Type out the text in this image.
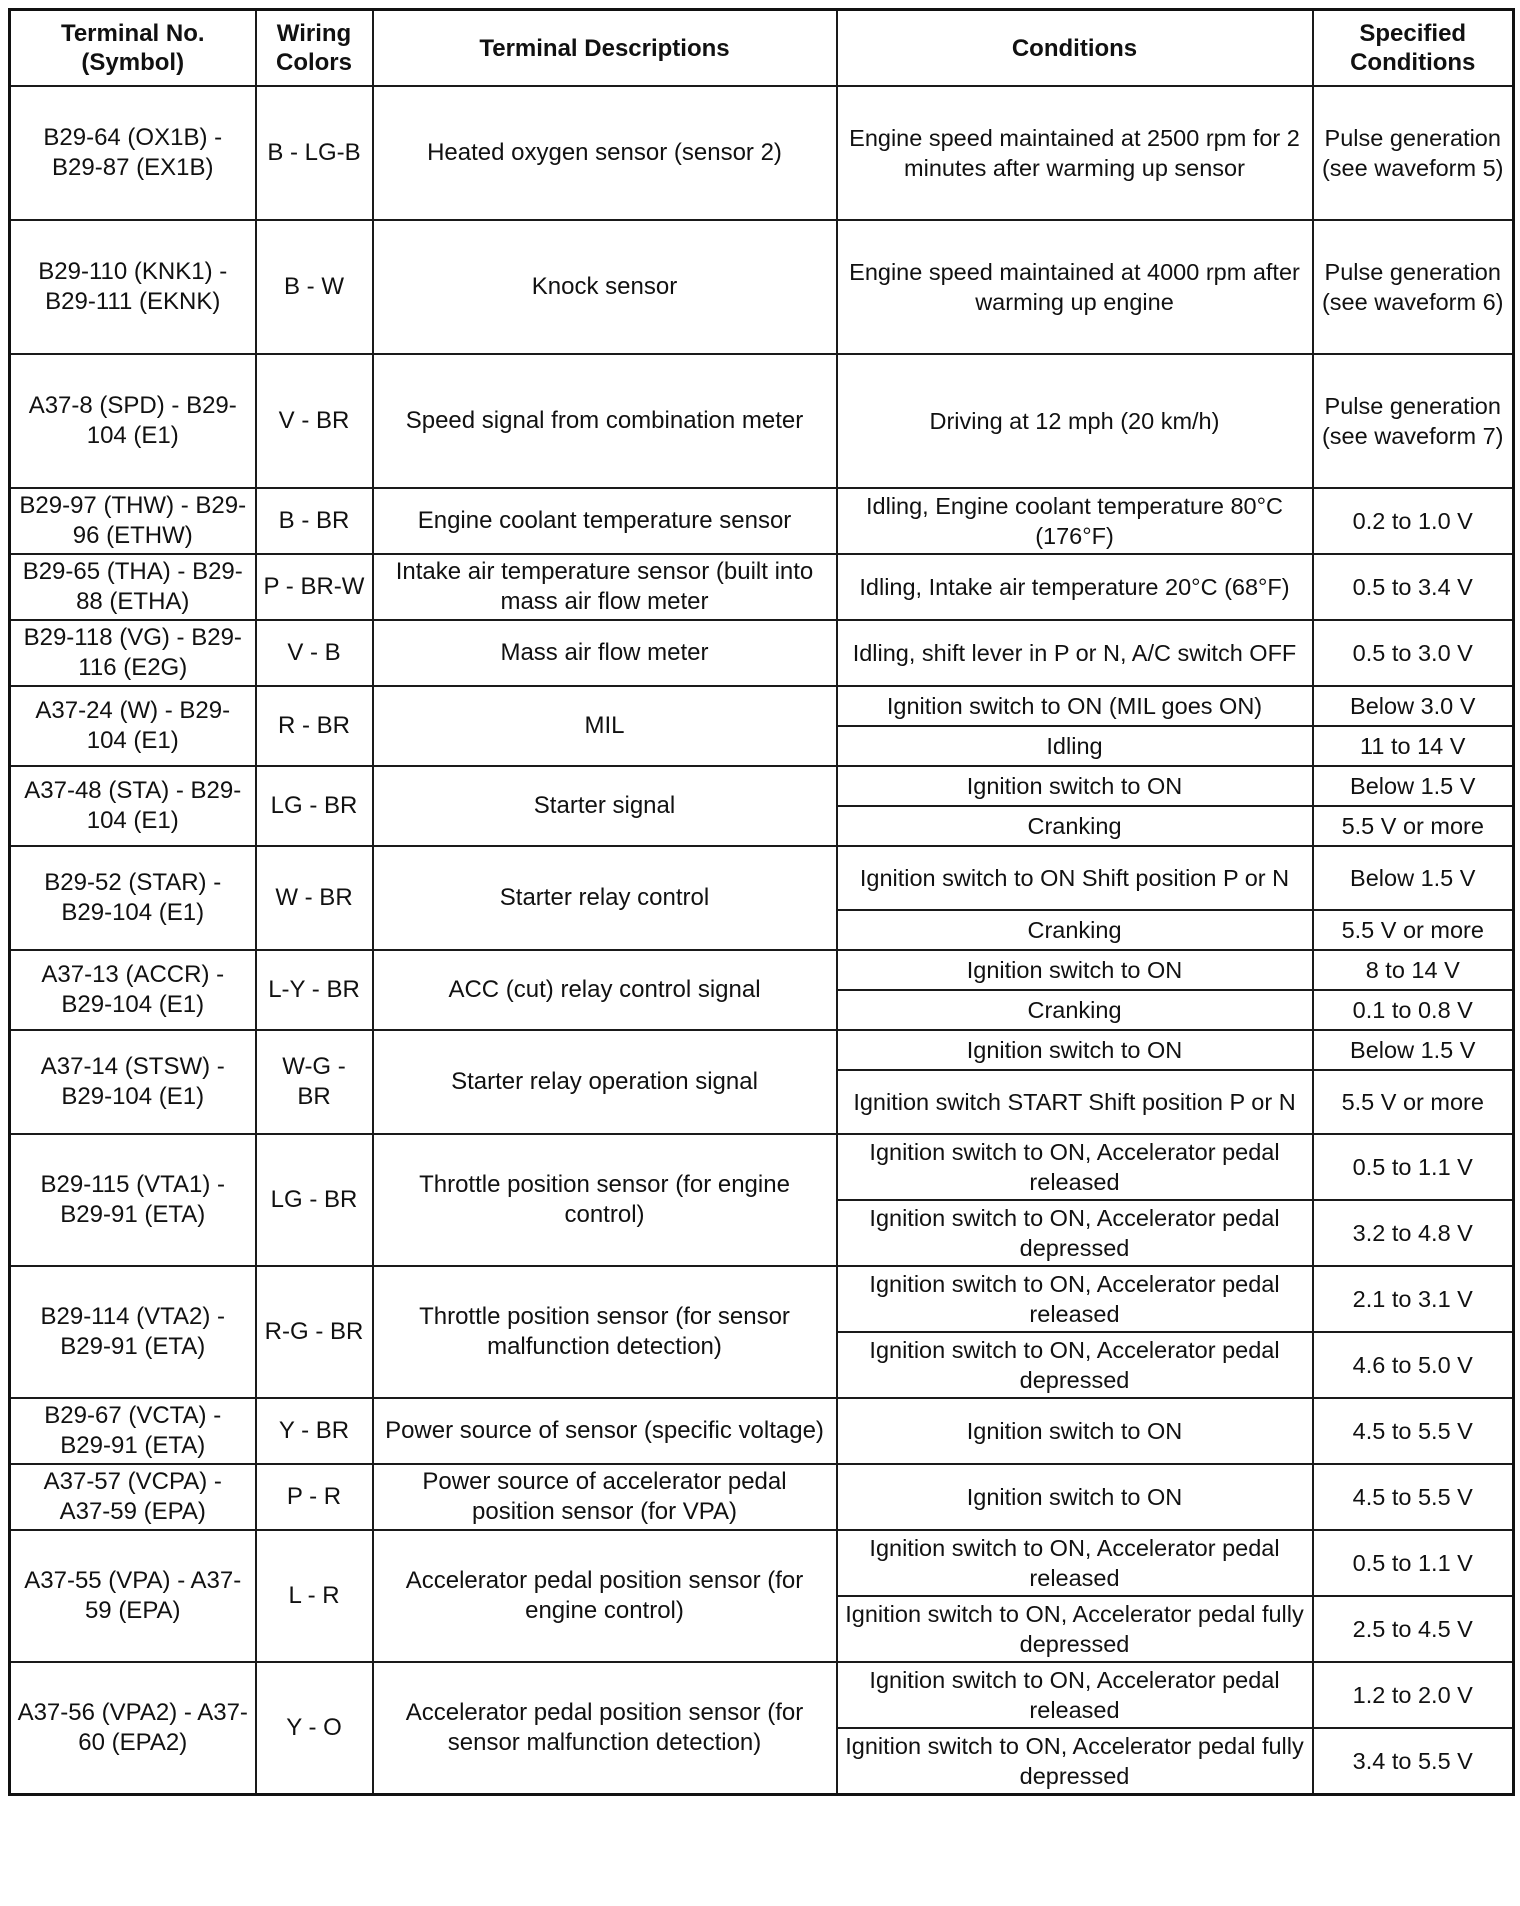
Terminal No. (Symbol)	Wiring Colors	Terminal Descriptions	Conditions	Specified Conditions
B29-64 (OX1B) - B29-87 (EX1B)	B - LG-B	Heated oxygen sensor (sensor 2)	Engine speed maintained at 2500 rpm for 2 minutes after warming up sensor	Pulse generation (see waveform 5)
B29-110 (KNK1) - B29-111 (EKNK)	B - W	Knock sensor	Engine speed maintained at 4000 rpm after warming up engine	Pulse generation (see waveform 6)
A37-8 (SPD) - B29-104 (E1)	V - BR	Speed signal from combination meter	Driving at 12 mph (20 km/h)	Pulse generation (see waveform 7)
B29-97 (THW) - B29-96 (ETHW)	B - BR	Engine coolant temperature sensor	Idling, Engine coolant temperature 80°C (176°F)	0.2 to 1.0 V
B29-65 (THA) - B29-88 (ETHA)	P - BR-W	Intake air temperature sensor (built into mass air flow meter	Idling, Intake air temperature 20°C (68°F)	0.5 to 3.4 V
B29-118 (VG) - B29-116 (E2G)	V - B	Mass air flow meter	Idling, shift lever in P or N, A/C switch OFF	0.5 to 3.0 V
A37-24 (W) - B29-104 (E1)	R - BR	MIL	Ignition switch to ON (MIL goes ON)	Below 3.0 V
			Idling	11 to 14 V
A37-48 (STA) - B29-104 (E1)	LG - BR	Starter signal	Ignition switch to ON	Below 1.5 V
			Cranking	5.5 V or more
B29-52 (STAR) - B29-104 (E1)	W - BR	Starter relay control	Ignition switch to ON Shift position P or N	Below 1.5 V
			Cranking	5.5 V or more
A37-13 (ACCR) - B29-104 (E1)	L-Y - BR	ACC (cut) relay control signal	Ignition switch to ON	8 to 14 V
			Cranking	0.1 to 0.8 V
A37-14 (STSW) - B29-104 (E1)	W-G - BR	Starter relay operation signal	Ignition switch to ON	Below 1.5 V
			Ignition switch START Shift position P or N	5.5 V or more
B29-115 (VTA1) - B29-91 (ETA)	LG - BR	Throttle position sensor (for engine control)	Ignition switch to ON, Accelerator pedal released	0.5 to 1.1 V
			Ignition switch to ON, Accelerator pedal depressed	3.2 to 4.8 V
B29-114 (VTA2) - B29-91 (ETA)	R-G - BR	Throttle position sensor (for sensor malfunction detection)	Ignition switch to ON, Accelerator pedal released	2.1 to 3.1 V
			Ignition switch to ON, Accelerator pedal depressed	4.6 to 5.0 V
B29-67 (VCTA) - B29-91 (ETA)	Y - BR	Power source of sensor (specific voltage)	Ignition switch to ON	4.5 to 5.5 V
A37-57 (VCPA) - A37-59 (EPA)	P - R	Power source of accelerator pedal position sensor (for VPA)	Ignition switch to ON	4.5 to 5.5 V
A37-55 (VPA) - A37-59 (EPA)	L - R	Accelerator pedal position sensor (for engine control)	Ignition switch to ON, Accelerator pedal released	0.5 to 1.1 V
			Ignition switch to ON, Accelerator pedal fully depressed	2.5 to 4.5 V
A37-56 (VPA2) - A37-60 (EPA2)	Y - O	Accelerator pedal position sensor (for sensor malfunction detection)	Ignition switch to ON, Accelerator pedal released	1.2 to 2.0 V
			Ignition switch to ON, Accelerator pedal fully depressed	3.4 to 5.5 V
